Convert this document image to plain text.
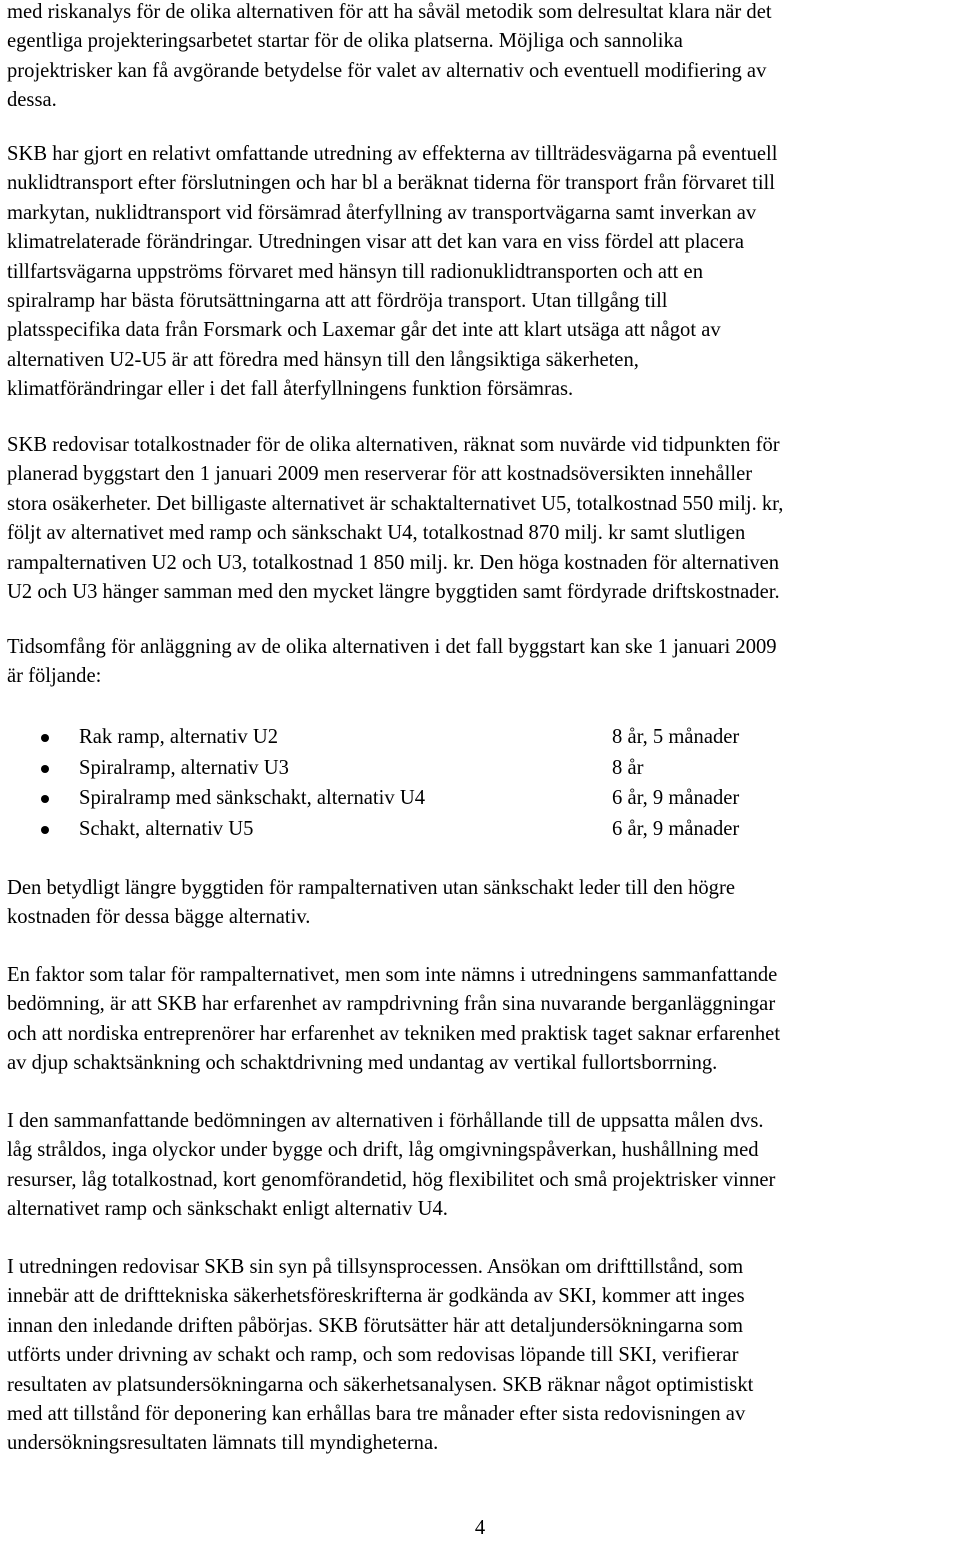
med riskanalys för de olika alternativen för att ha såväl metodik som delresultat klara när det
egentliga projekteringsarbetet startar för de olika platserna. Möjliga och sannolika
projektrisker kan få avgörande betydelse för valet av alternativ och eventuell modifiering av
dessa.
SKB har gjort en relativt omfattande utredning av effekterna av tillträdesvägarna på eventuell
nuklidtransport efter förslutningen och har bl a beräknat tiderna för transport från förvaret till
markytan, nuklidtransport vid försämrad återfyllning av transportvägarna samt inverkan av
klimatrelaterade förändringar. Utredningen visar att det kan vara en viss fördel att placera
tillfartsvägarna uppströms förvaret med hänsyn till radionuklidtransporten och att en
spiralramp har bästa förutsättningarna att att fördröja transport. Utan tillgång till
platsspecifika data från Forsmark och Laxemar går det inte att klart utsäga att något av
alternativen U2-U5 är att föredra med hänsyn till den långsiktiga säkerheten,
klimatförändringar eller i det fall återfyllningens funktion försämras.
SKB redovisar totalkostnader för de olika alternativen, räknat som nuvärde vid tidpunkten för
planerad byggstart den 1 januari 2009 men reserverar för att kostnadsöversikten innehåller
stora osäkerheter. Det billigaste alternativet är schaktalternativet U5, totalkostnad 550 milj. kr,
följt av alternativet med ramp och sänkschakt U4, totalkostnad 870 milj. kr samt slutligen
rampalternativen U2 och U3, totalkostnad 1 850 milj. kr. Den höga kostnaden för alternativen
U2 och U3 hänger samman med den mycket längre byggtiden samt fördyrade driftskostnader.
Tidsomfång för anläggning av de olika alternativen i det fall byggstart kan ske 1 januari 2009
är följande:
Rak ramp, alternativ U2	8 år, 5 månader
Spiralramp, alternativ U3	8 år
Spiralramp med sänkschakt, alternativ U4	6 år, 9 månader
Schakt, alternativ U5	6 år, 9 månader
Den betydligt längre byggtiden för rampalternativen utan sänkschakt leder till den högre
kostnaden för dessa bägge alternativ.
En faktor som talar för rampalternativet, men som inte nämns i utredningens sammanfattande
bedömning, är att SKB har erfarenhet av rampdrivning från sina nuvarande berganläggningar
och att nordiska entreprenörer har erfarenhet av tekniken med praktisk taget saknar erfarenhet
av djup schaktsänkning och schaktdrivning med undantag av vertikal fullortsborrning.
I den sammanfattande bedömningen av alternativen i förhållande till de uppsatta målen dvs.
låg stråldos, inga olyckor under bygge och drift, låg omgivningspåverkan, hushållning med
resurser, låg totalkostnad, kort genomförandetid, hög flexibilitet och små projektrisker vinner
alternativet ramp och sänkschakt enligt alternativ U4.
I utredningen redovisar SKB sin syn på tillsynsprocessen. Ansökan om drifttillstånd, som
innebär att de drifttekniska säkerhetsföreskrifterna är godkända av SKI, kommer att inges
innan den inledande driften påbörjas. SKB förutsätter här att detaljundersökningarna som
utförts under drivning av schakt och ramp, och som redovisas löpande till SKI, verifierar
resultaten av platsundersökningarna och säkerhetsanalysen. SKB räknar något optimistiskt
med att tillstånd för deponering kan erhållas bara tre månader efter sista redovisningen av
undersökningsresultaten lämnats till myndigheterna.
4
